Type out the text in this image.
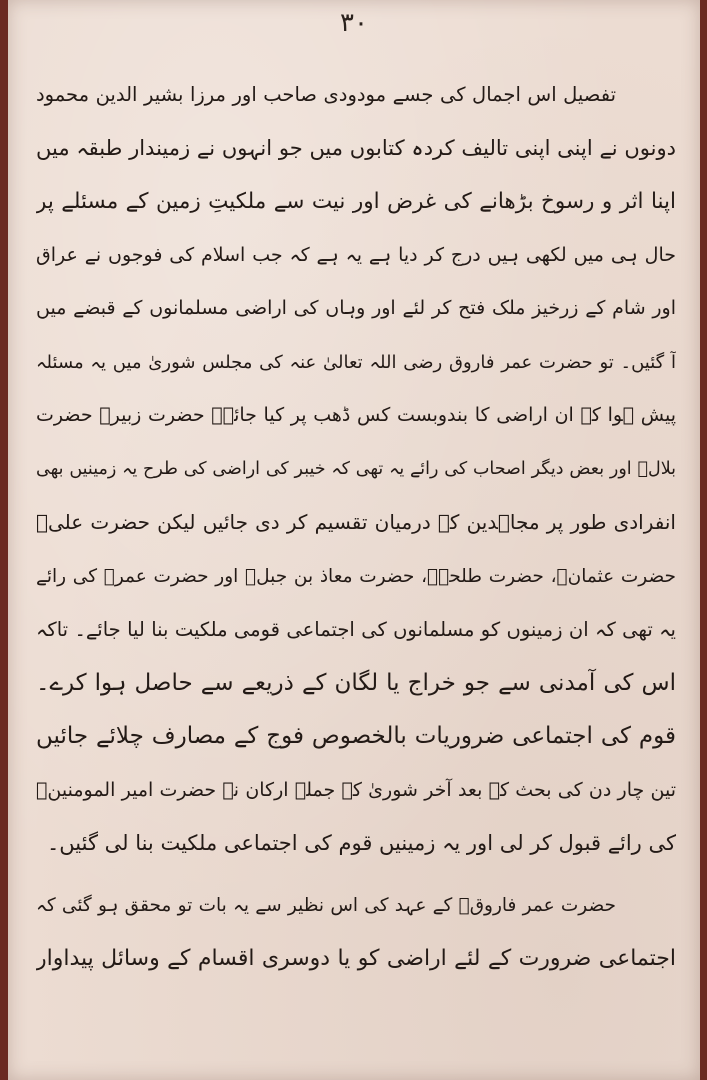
۳۰
تفصیل اس اجمال کی جسے مودودی صاحب اور مرزا بشیر الدین محمود
دونوں نے اپنی اپنی تالیف کردہ کتابوں میں جو انہوں نے زمیندار طبقہ میں
اپنا اثر و رسوخ بڑھانے کی غرض اور نیت سے ملکیتِ زمین کے مسئلے پر
حال ہی میں لکھی ہیں درج کر دیا ہے یہ ہے کہ جب اسلام کی فوجوں نے عراق
اور شام کے زرخیز ملک فتح کر لئے اور وہاں کی اراضی مسلمانوں کے قبضے میں
آ گئیں۔ تو حضرت عمر فاروق رضی اللہ تعالیٰ عنہ کی مجلس شوریٰ میں یہ مسئلہ
پیش ہوا کہ ان اراضی کا بندوبست کس ڈھب پر کیا جائے۔ حضرت زبیرؓ حضرت
بلالؓ اور بعض دیگر اصحاب کی رائے یہ تھی کہ خیبر کی اراضی کی طرح یہ زمینیں بھی
انفرادی طور پر مجاہدین کے درمیان تقسیم کر دی جائیں لیکن حضرت علیؓ
حضرت عثمانؓ، حضرت طلحہؓ، حضرت معاذ بن جبلؓ اور حضرت عمرؓ کی رائے
یہ تھی کہ ان زمینوں کو مسلمانوں کی اجتماعی قومی ملکیت بنا لیا جائے۔ تاکہ
اس کی آمدنی سے جو خراج یا لگان کے ذریعے سے حاصل ہوا کرے۔
قوم کی اجتماعی ضروریات بالخصوص فوج کے مصارف چلائے جائیں
تین چار دن کی بحث کے بعد آخر شوریٰ کے جملہ ارکان نے حضرت امیر المومنینؓ
کی رائے قبول کر لی اور یہ زمینیں قوم کی اجتماعی ملکیت بنا لی گئیں۔
حضرت عمر فاروقؓ کے عہد کی اس نظیر سے یہ بات تو محقق ہو گئی کہ
اجتماعی ضرورت کے لئے اراضی کو یا دوسری اقسام کے وسائل پیداوار
